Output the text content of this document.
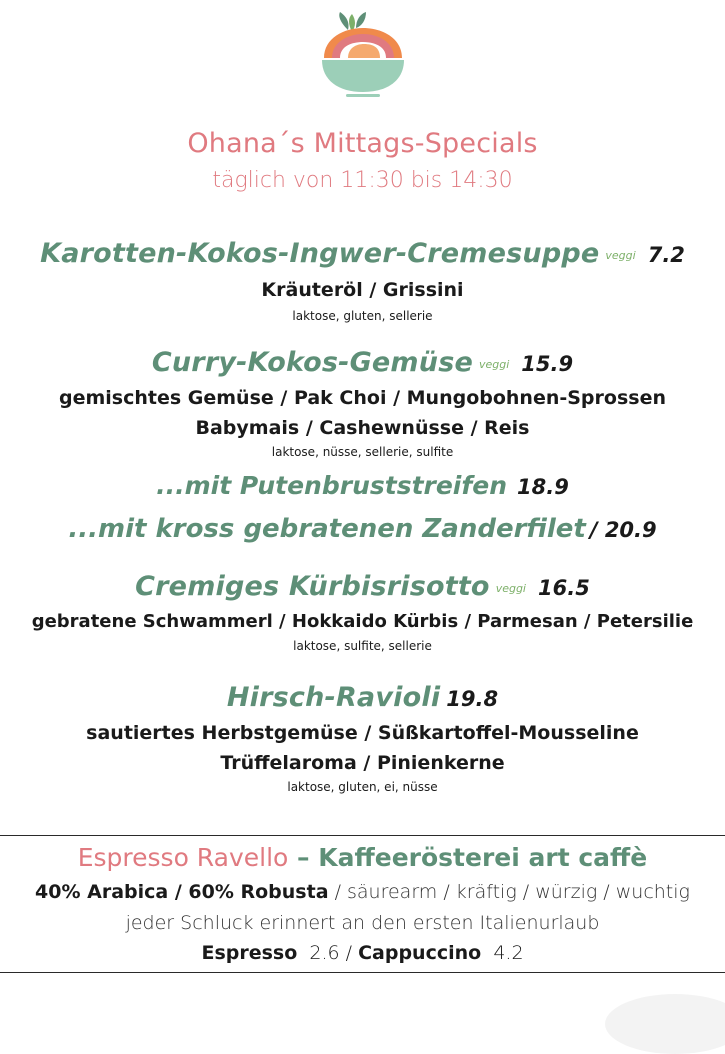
Ohana´s Mittags-Specials
täglich von 11:30 bis 14:30
Karotten-Kokos-Ingwer-Cremesuppe veggi 7.2
Kräuteröl / Grissini
laktose, gluten, sellerie
Curry-Kokos-Gemüse veggi 15.9
gemischtes Gemüse / Pak Choi / Mungobohnen-Sprossen
Babymais / Cashewnüsse / Reis
laktose, nüsse, sellerie, sulfite
...mit Putenbruststreifen 18.9
...mit kross gebratenen Zanderfilet / 20.9
Cremiges Kürbisrisotto veggi 16.5
gebratene Schwammerl / Hokkaido Kürbis / Parmesan / Petersilie
laktose, sulfite, sellerie
Hirsch-Ravioli 19.8
sautiertes Herbstgemüse / Süßkartoffel-Mousseline
Trüffelaroma / Pinienkerne
laktose, gluten, ei, nüsse
Espresso Ravello – Kaffeerösterei art caffè
40% Arabica / 60% Robusta / säurearm / kräftig / würzig / wuchtig
jeder Schluck erinnert an den ersten Italienurlaub
Espresso 2.6 / Cappuccino 4.2
